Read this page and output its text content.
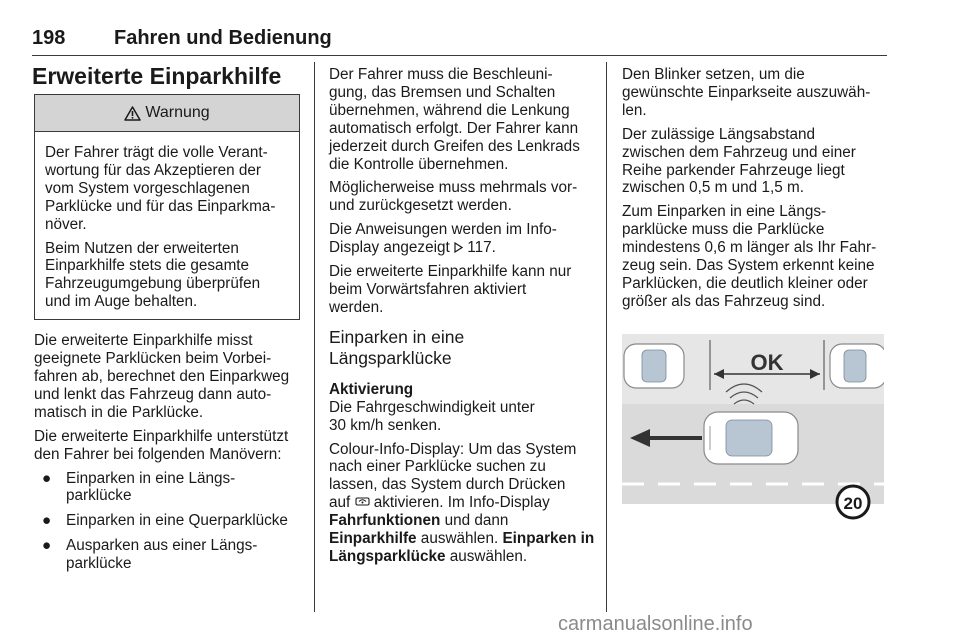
198 Fahren und Bedienung
Erweiterte Einparkhilfe
Warnung
Der Fahrer trägt die volle Verant-
wortung für das Akzeptieren der
vom System vorgeschlagenen
Parklücke und für das Einparkma-
növer.
Beim Nutzen der erweiterten
Einparkhilfe stets die gesamte
Fahrzeugumgebung überprüfen
und im Auge behalten.
Die erweiterte Einparkhilfe misst
geeignete Parklücken beim Vorbei-
fahren ab, berechnet den Einparkweg
und lenkt das Fahrzeug dann auto-
matisch in die Parklücke.
Die erweiterte Einparkhilfe unterstützt
den Fahrer bei folgenden Manövern:
● Einparken in eine Längs-
parklücke
● Einparken in eine Querparklücke
● Ausparken aus einer Längs-
parklücke
Der Fahrer muss die Beschleuni-
gung, das Bremsen und Schalten
übernehmen, während die Lenkung
automatisch erfolgt. Der Fahrer kann
jederzeit durch Greifen des Lenkrads
die Kontrolle übernehmen.
Möglicherweise muss mehrmals vor-
und zurückgesetzt werden.
Die Anweisungen werden im Info-
Display angezeigt  117.
Die erweiterte Einparkhilfe kann nur
beim Vorwärtsfahren aktiviert
werden.
Einparken in eine
Längsparklücke
Aktivierung
Die Fahrgeschwindigkeit unter
30 km/h senken.
Colour-Info-Display: Um das System
nach einer Parklücke suchen zu
lassen, das System durch Drücken
auf  aktivieren. Im Info-Display
Fahrfunktionen und dann
Einparkhilfe auswählen. Einparken in
Längsparklücke auswählen.
Den Blinker setzen, um die
gewünschte Einparkseite auszuwäh-
len.
Der zulässige Längsabstand
zwischen dem Fahrzeug und einer
Reihe parkender Fahrzeuge liegt
zwischen 0,5 m und 1,5 m.
Zum Einparken in eine Längs-
parklücke muss die Parklücke
mindestens 0,6 m länger als Ihr Fahr-
zeug sein. Das System erkennt keine
Parklücken, die deutlich kleiner oder
größer als das Fahrzeug sind.
OK
20
carmanualsonline.info
